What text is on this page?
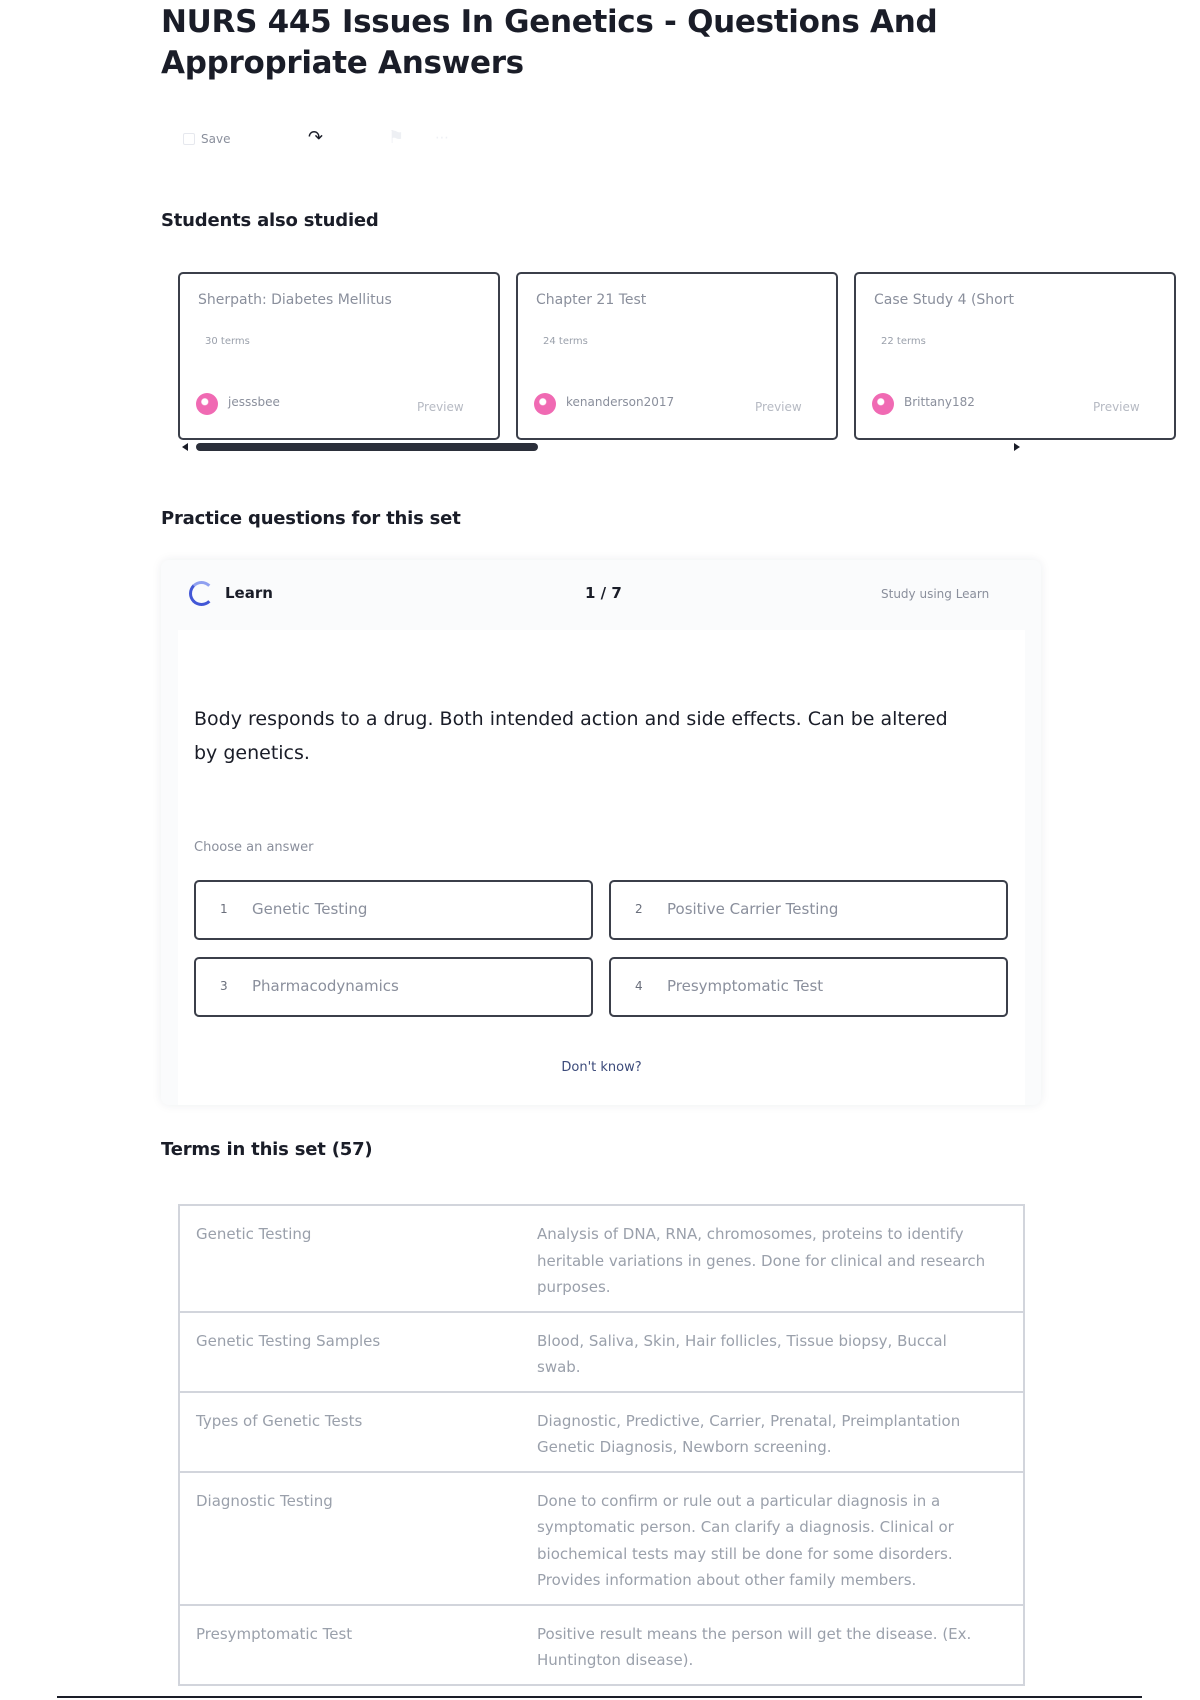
NURS 445 Issues In Genetics - Questions And Appropriate Answers
Save	↷	⚑ ⋯
Students also studied
Sherpath: Diabetes Mellitus
30 terms
jesssbee	Preview
Chapter 21 Test
24 terms
kenanderson2017	Preview
Case Study 4 (Short
22 terms
Brittany182	Preview
Practice questions for this set
Learn	1 / 7	Study using Learn
Body responds to a drug. Both intended action and side effects. Can be altered by genetics.
Choose an answer
1 Genetic Testing	2 Positive Carrier Testing
3 Pharmacodynamics	4 Presymptomatic Test
Don't know?
Terms in this set (57)
Genetic Testing	Analysis of DNA, RNA, chromosomes, proteins to identify heritable variations in genes. Done for clinical and research purposes.
Genetic Testing Samples	Blood, Saliva, Skin, Hair follicles, Tissue biopsy, Buccal swab.
Types of Genetic Tests	Diagnostic, Predictive, Carrier, Prenatal, Preimplantation Genetic Diagnosis, Newborn screening.
Diagnostic Testing	Done to confirm or rule out a particular diagnosis in a symptomatic person. Can clarify a diagnosis. Clinical or biochemical tests may still be done for some disorders. Provides information about other family members.
Presymptomatic Test	Positive result means the person will get the disease. (Ex. Huntington disease).
